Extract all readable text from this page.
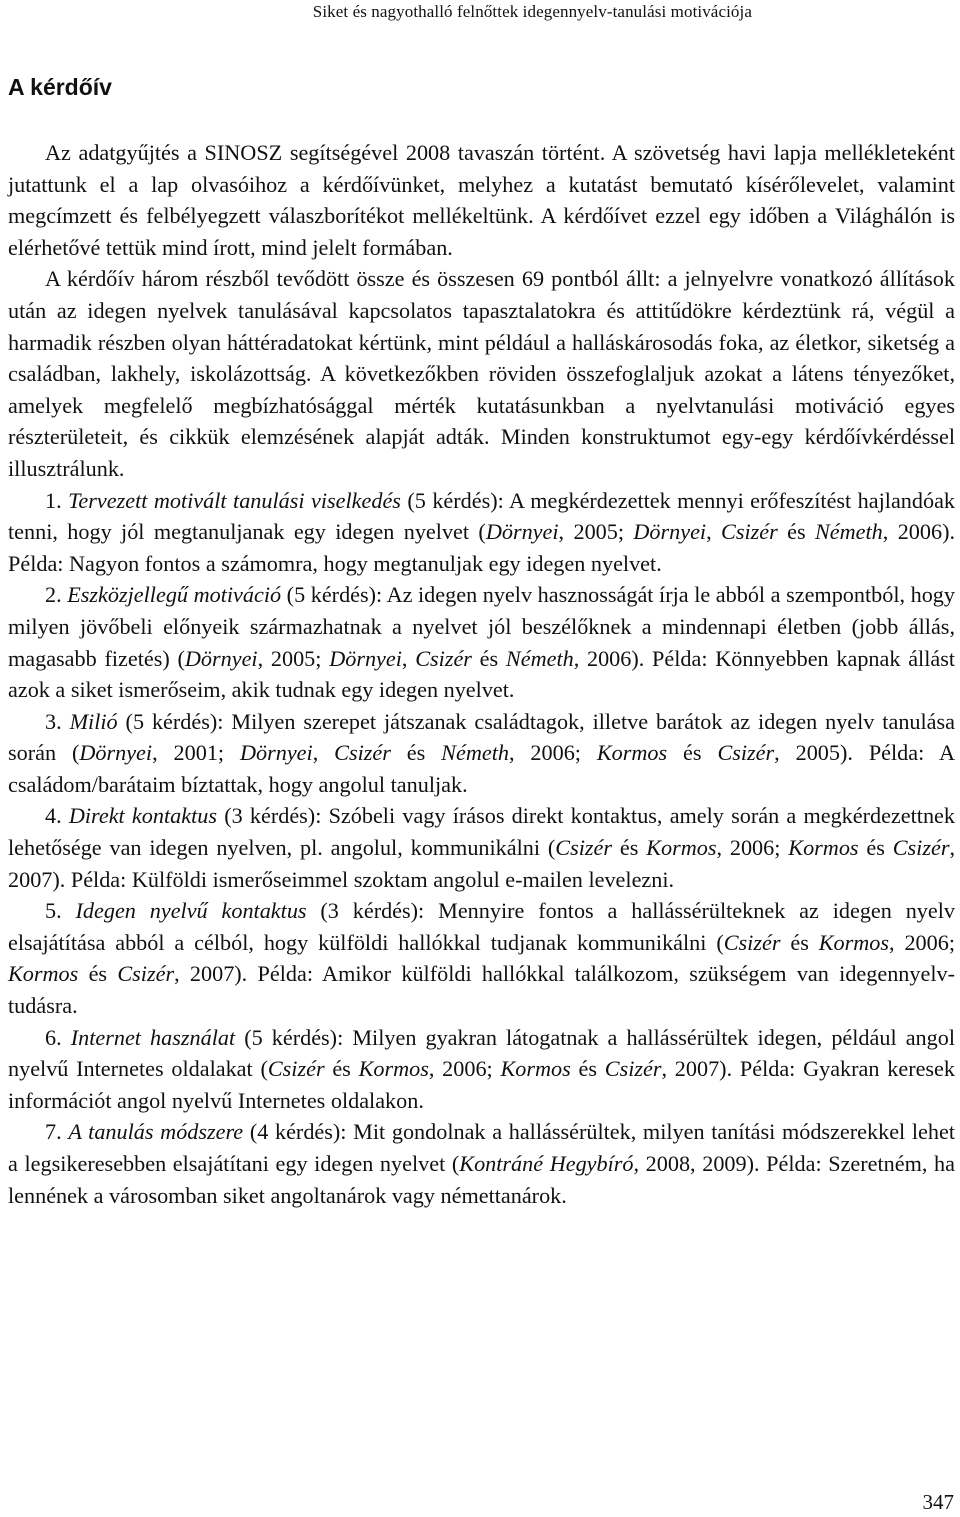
Siket és nagyothalló felnőttek idegennyelv-tanulási motivációja
A kérdőív

Az adatgyűjtés a SINOSZ segítségével 2008 tavaszán történt. A szövetség havi lapja mellékleteként jutattunk el a lap olvasóihoz a kérdőívünket, melyhez a kutatást bemutató kísérőlevelet, valamint megcímzett és felbélyegzett válaszborítékot mellékeltünk. A kérdőívet ezzel egy időben a Világhálón is elérhetővé tettük mind írott, mind jelelt formában.

A kérdőív három részből tevődött össze és összesen 69 pontból állt: a jelnyelvre vonatkozó állítások után az idegen nyelvek tanulásával kapcsolatos tapasztalatokra és attitűdökre kérdeztünk rá, végül a harmadik részben olyan háttéradatokat kértünk, mint például a halláskárosodás foka, az életkor, siketség a családban, lakhely, iskolázottság. A következőkben röviden összefoglaljuk azokat a látens tényezőket, amelyek megfelelő megbízhatósággal mérték kutatásunkban a nyelvtanulási motiváció egyes részterületeit, és cikkük elemzésének alapját adták. Minden konstruktumot egy-egy kérdőívkérdéssel illusztrálunk.

1. Tervezett motivált tanulási viselkedés (5 kérdés): A megkérdezettek mennyi erőfeszítést hajlandóak tenni, hogy jól megtanuljanak egy idegen nyelvet (Dörnyei, 2005; Dörnyei, Csizér és Németh, 2006). Példa: Nagyon fontos a számomra, hogy megtanuljak egy idegen nyelvet.

2. Eszközjellegű motiváció (5 kérdés): Az idegen nyelv hasznosságát írja le abból a szempontból, hogy milyen jövőbeli előnyeik származhatnak a nyelvet jól beszélőknek a mindennapi életben (jobb állás, magasabb fizetés) (Dörnyei, 2005; Dörnyei, Csizér és Németh, 2006). Példa: Könnyebben kapnak állást azok a siket ismerőseim, akik tudnak egy idegen nyelvet.

3. Milió (5 kérdés): Milyen szerepet játszanak családtagok, illetve barátok az idegen nyelv tanulása során (Dörnyei, 2001; Dörnyei, Csizér és Németh, 2006; Kormos és Csizér, 2005). Példa: A családom/barátaim bíztattak, hogy angolul tanuljak.

4. Direkt kontaktus (3 kérdés): Szóbeli vagy írásos direkt kontaktus, amely során a megkérdezettnek lehetősége van idegen nyelven, pl. angolul, kommunikálni (Csizér és Kormos, 2006; Kormos és Csizér, 2007). Példa: Külföldi ismerőseimmel szoktam angolul e-mailen levelezni.

5. Idegen nyelvű kontaktus (3 kérdés): Mennyire fontos a hallássérülteknek az idegen nyelv elsajátítása abból a célból, hogy külföldi hallókkal tudjanak kommunikálni (Csizér és Kormos, 2006; Kormos és Csizér, 2007). Példa: Amikor külföldi hallókkal találkozom, szükségem van idegennyelv-tudásra.

6. Internet használat (5 kérdés): Milyen gyakran látogatnak a hallássérültek idegen, például angol nyelvű Internetes oldalakat (Csizér és Kormos, 2006; Kormos és Csizér, 2007). Példa: Gyakran keresek információt angol nyelvű Internetes oldalakon.

7. A tanulás módszere (4 kérdés): Mit gondolnak a hallássérültek, milyen tanítási módszerekkel lehet a legsikeresebben elsajátítani egy idegen nyelvet (Kontráné Hegybíró, 2008, 2009). Példa: Szeretném, ha lennének a városomban siket angoltanárok vagy némettanárok.

347
